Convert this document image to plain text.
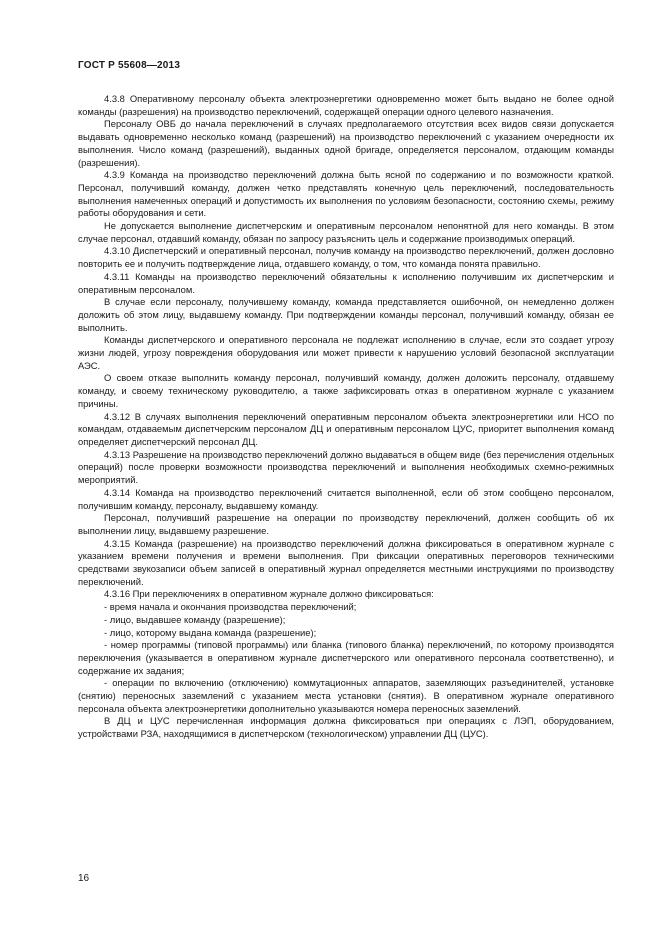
ГОСТ Р 55608—2013

4.3.8 Оперативному персоналу объекта электроэнергетики одновременно может быть выдано не более одной команды (разрешения) на производство переключений, содержащей операции одного целевого назначения.

Персоналу ОВБ до начала переключений в случаях предполагаемого отсутствия всех видов связи допускается выдавать одновременно несколько команд (разрешений) на производство переключений с указанием очередности их выполнения. Число команд (разрешений), выданных одной бригаде, определяется персоналом, отдающим команды (разрешения).

4.3.9 Команда на производство переключений должна быть ясной по содержанию и по возможности краткой. Персонал, получивший команду, должен четко представлять конечную цель переключений, последовательность выполнения намеченных операций и допустимость их выполнения по условиям безопасности, состоянию схемы, режиму работы оборудования и сети.

Не допускается выполнение диспетчерским и оперативным персоналом непонятной для него команды. В этом случае персонал, отдавший команду, обязан по запросу разъяснить цель и содержание производимых операций.

4.3.10 Диспетчерский и оперативный персонал, получив команду на производство переключений, должен дословно повторить ее и получить подтверждение лица, отдавшего команду, о том, что команда понята правильно.

4.3.11 Команды на производство переключений обязательны к исполнению получившим их диспетчерским и оперативным персоналом.

В случае если персоналу, получившему команду, команда представляется ошибочной, он немедленно должен доложить об этом лицу, выдавшему команду. При подтверждении команды персонал, получивший команду, обязан ее выполнить.

Команды диспетчерского и оперативного персонала не подлежат исполнению в случае, если это создает угрозу жизни людей, угрозу повреждения оборудования или может привести к нарушению условий безопасной эксплуатации АЭС.

О своем отказе выполнить команду персонал, получивший команду, должен доложить персоналу, отдавшему команду, и своему техническому руководителю, а также зафиксировать отказ в оперативном журнале с указанием причины.

4.3.12 В случаях выполнения переключений оперативным персоналом объекта электроэнергетики или НСО по командам, отдаваемым диспетчерским персоналом ДЦ и оперативным персоналом ЦУС, приоритет выполнения команд определяет диспетчерский персонал ДЦ.

4.3.13 Разрешение на производство переключений должно выдаваться в общем виде (без перечисления отдельных операций) после проверки возможности производства переключений и выполнения необходимых схемно-режимных мероприятий.

4.3.14 Команда на производство переключений считается выполненной, если об этом сообщено персоналом, получившим команду, персоналу, выдавшему команду.

Персонал, получивший разрешение на операции по производству переключений, должен сообщить об их выполнении лицу, выдавшему разрешение.

4.3.15 Команда (разрешение) на производство переключений должна фиксироваться в оперативном журнале с указанием времени получения и времени выполнения. При фиксации оперативных переговоров техническими средствами звукозаписи объем записей в оперативный журнал определяется местными инструкциями по производству переключений.

4.3.16 При переключениях в оперативном журнале должно фиксироваться:

- время начала и окончания производства переключений;

- лицо, выдавшее команду (разрешение);

- лицо, которому выдана команда (разрешение);

- номер программы (типовой программы) или бланка (типового бланка) переключений, по которому производятся переключения (указывается в оперативном журнале диспетчерского или оперативного персонала соответственно), и содержание их задания;

- операции по включению (отключению) коммутационных аппаратов, заземляющих разъединителей, установке (снятию) переносных заземлений с указанием места установки (снятия). В оперативном журнале оперативного персонала объекта электроэнергетики дополнительно указываются номера переносных заземлений.

В ДЦ и ЦУС перечисленная информация должна фиксироваться при операциях с ЛЭП, оборудованием, устройствами РЗА, находящимися в диспетчерском (технологическом) управлении ДЦ (ЦУС).

16
